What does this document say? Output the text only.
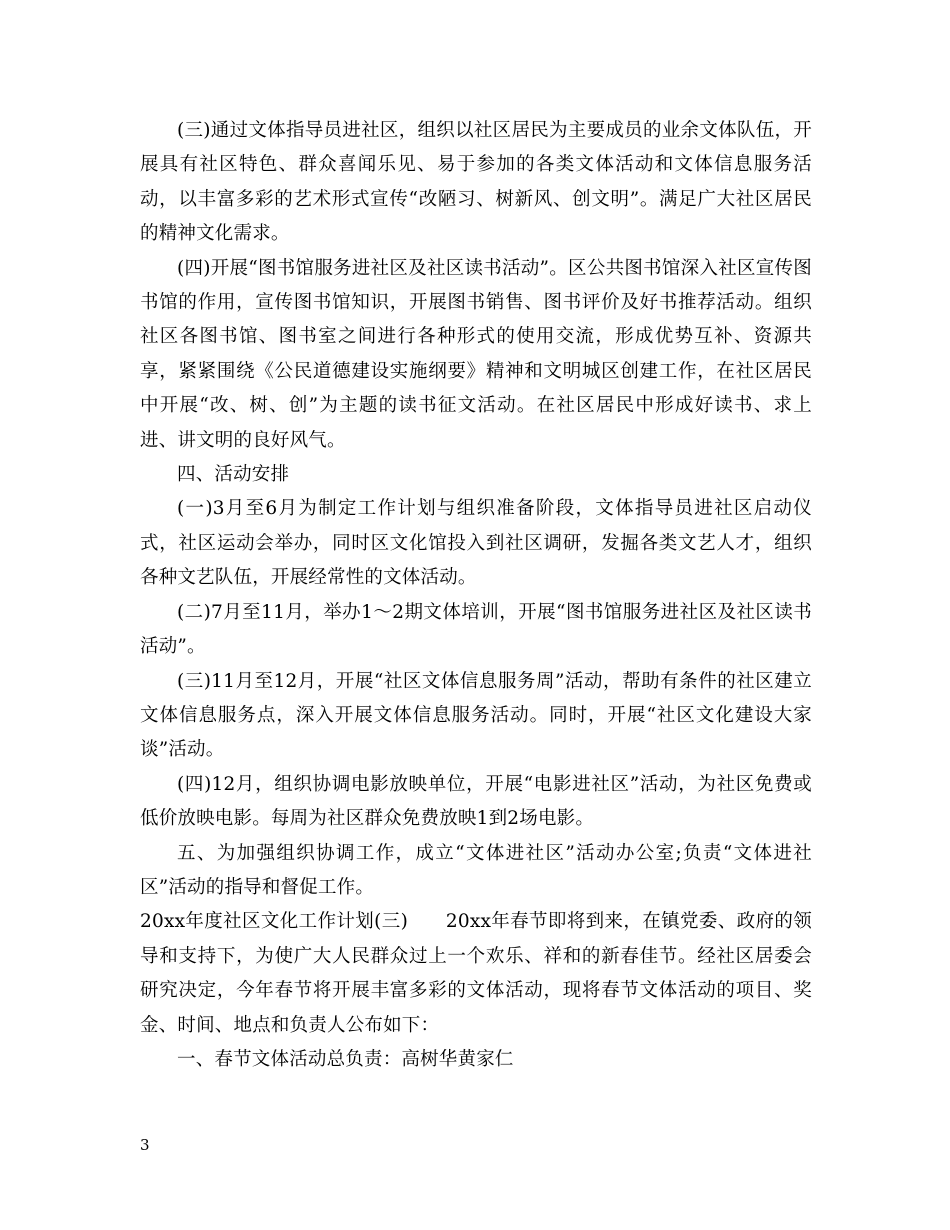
(三)通过文体指导员进社区，组织以社区居民为主要成员的业余文体队伍，开展具有社区特色、群众喜闻乐见、易于参加的各类文体活动和文体信息服务活动，以丰富多彩的艺术形式宣传“改陋习、树新风、创文明”。满足广大社区居民的精神文化需求。

(四)开展“图书馆服务进社区及社区读书活动”。区公共图书馆深入社区宣传图书馆的作用，宣传图书馆知识，开展图书销售、图书评价及好书推荐活动。组织社区各图书馆、图书室之间进行各种形式的使用交流，形成优势互补、资源共享，紧紧围绕《公民道德建设实施纲要》精神和文明城区创建工作，在社区居民中开展“改、树、创”为主题的读书征文活动。在社区居民中形成好读书、求上进、讲文明的良好风气。

四、活动安排

(一)3月至6月为制定工作计划与组织准备阶段，文体指导员进社区启动仪式，社区运动会举办，同时区文化馆投入到社区调研，发掘各类文艺人才，组织各种文艺队伍，开展经常性的文体活动。

(二)7月至11月，举办1～2期文体培训，开展“图书馆服务进社区及社区读书活动”。

(三)11月至12月，开展“社区文体信息服务周”活动，帮助有条件的社区建立文体信息服务点，深入开展文体信息服务活动。同时，开展“社区文化建设大家谈”活动。

(四)12月，组织协调电影放映单位，开展“电影进社区”活动，为社区免费或低价放映电影。每周为社区群众免费放映1到2场电影。

五、为加强组织协调工作，成立“文体进社区”活动办公室;负责“文体进社区”活动的指导和督促工作。

20xx年度社区文化工作计划(三)　　20xx年春节即将到来，在镇党委、政府的领导和支持下，为使广大人民群众过上一个欢乐、祥和的新春佳节。经社区居委会研究决定，今年春节将开展丰富多彩的文体活动，现将春节文体活动的项目、奖金、时间、地点和负责人公布如下：

一、春节文体活动总负责：高树华黄家仁

3
